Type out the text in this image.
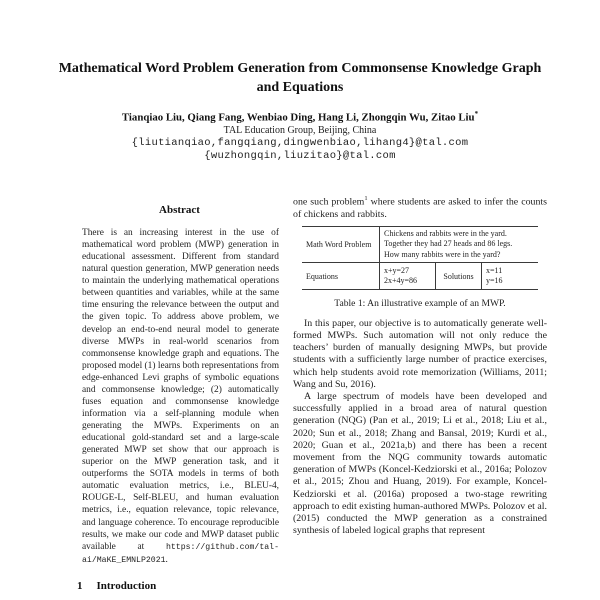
Mathematical Word Problem Generation from Commonsense Knowledge Graph and Equations
Tianqiao Liu, Qiang Fang, Wenbiao Ding, Hang Li, Zhongqin Wu, Zitao Liu*
TAL Education Group, Beijing, China
{liutianqiao,fangqiang,dingwenbiao,lihang4}@tal.com
{wuzhongqin,liuzitao}@tal.com
Abstract
There is an increasing interest in the use of mathematical word problem (MWP) generation in educational assessment. Different from standard natural question generation, MWP generation needs to maintain the underlying mathematical operations between quantities and variables, while at the same time ensuring the relevance between the output and the given topic. To address above problem, we develop an end-to-end neural model to generate diverse MWPs in real-world scenarios from commonsense knowledge graph and equations. The proposed model (1) learns both representations from edge-enhanced Levi graphs of symbolic equations and commonsense knowledge; (2) automatically fuses equation and commonsense knowledge information via a self-planning module when generating the MWPs. Experiments on an educational gold-standard set and a large-scale generated MWP set show that our approach is superior on the MWP generation task, and it outperforms the SOTA models in terms of both automatic evaluation metrics, i.e., BLEU-4, ROUGE-L, Self-BLEU, and human evaluation metrics, i.e., equation relevance, topic relevance, and language coherence. To encourage reproducible results, we make our code and MWP dataset public available at https://github.com/tal-ai/MaKE_EMNLP2021.
1 Introduction

one such problem$^1$ where students are asked to infer the counts of chickens and rabbits.

Math Word Problem
Chickens and rabbits were in the yard.
Together they had 27 heads and 86 legs.
How many rabbits were in the yard?
Equations
x+y=27
2x+4y=86	Solutions
x=11
y=16
Table 1: An illustrative example of an MWP.

In this paper, our objective is to automatically generate well-formed MWPs. Such automation will not only reduce the teachers’ burden of manually designing MWPs, but provide students with a sufficiently large number of practice exercises, which help students avoid rote memorization (Williams, 2011; Wang and Su, 2016).

A large spectrum of models have been developed and successfully applied in a broad area of natural question generation (NQG) (Pan et al., 2019; Li et al., 2018; Liu et al., 2020; Sun et al., 2018; Zhang and Bansal, 2019; Kurdi et al., 2020; Guan et al., 2021a,b) and there has been a recent movement from the NQG community towards automatic generation of MWPs (Koncel-Kedziorski et al., 2016a; Polozov et al., 2015; Zhou and Huang, 2019). For example, Koncel-Kedziorski et al. (2016a) proposed a two-stage rewriting approach to edit existing human-authored MWPs. Polozov et al. (2015) conducted the MWP generation as a constrained synthesis of labeled logical graphs that represent
